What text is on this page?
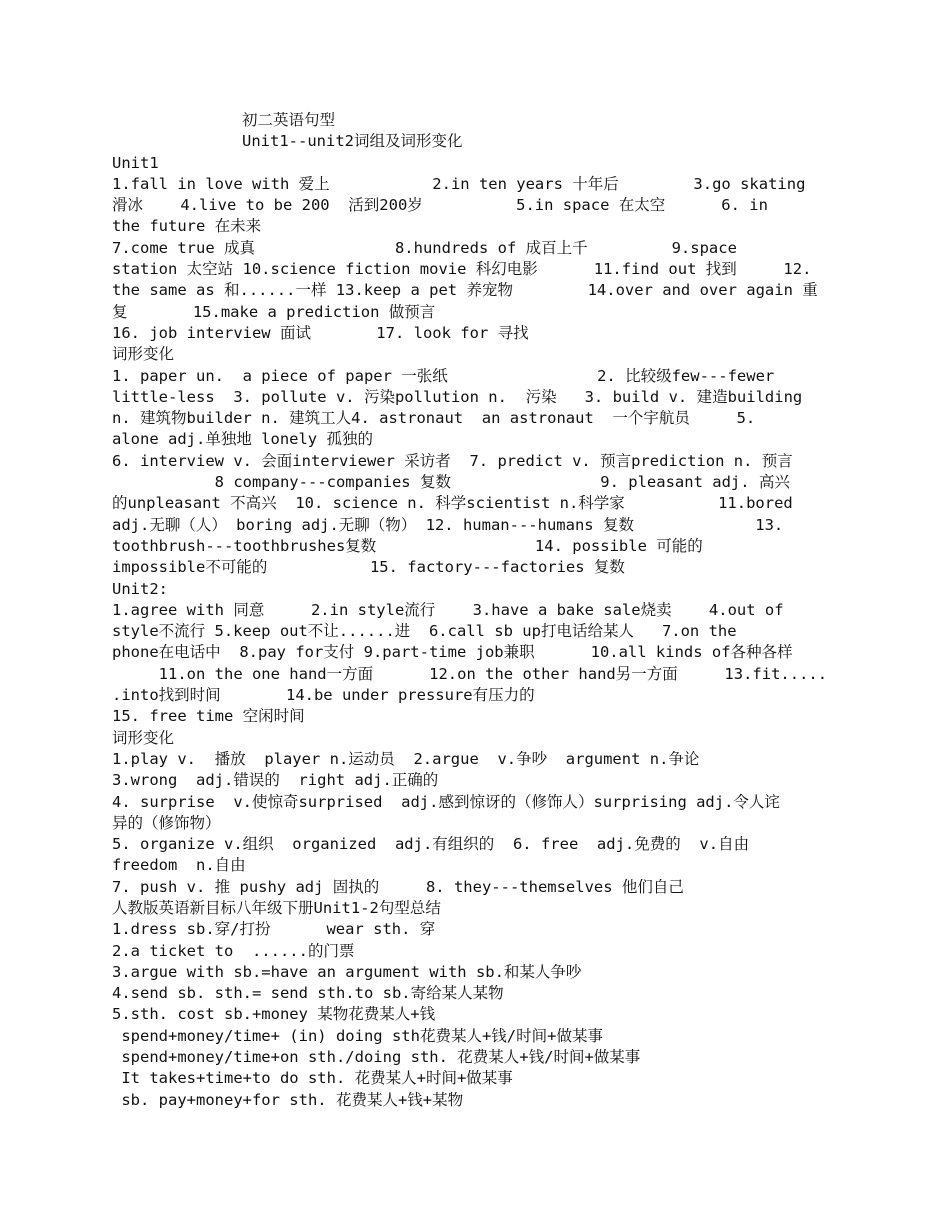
初二英语句型
Unit1--unit2词组及词形变化
Unit1
1.fall in love with 爱上           2.in ten years 十年后        3.go skating
滑冰    4.live to be 200  活到200岁          5.in space 在太空      6. in
the future 在未来
7.come true 成真               8.hundreds of 成百上千         9.space
station 太空站 10.science fiction movie 科幻电影      11.find out 找到     12.
the same as 和......一样 13.keep a pet 养宠物        14.over and over again 重
复       15.make a prediction 做预言
16. job interview 面试       17. look for 寻找
词形变化
1. paper un.  a piece of paper 一张纸                2. 比较级few---fewer
little-less  3. pollute v. 污染pollution n.  污染   3. build v. 建造building
n. 建筑物builder n. 建筑工人4. astronaut  an astronaut  一个宇航员     5.
alone adj.单独地 lonely 孤独的
6. interview v. 会面interviewer 采访者  7. predict v. 预言prediction n. 预言
8 company---companies 复数                9. pleasant adj. 高兴
的unpleasant 不高兴  10. science n. 科学scientist n.科学家          11.bored
adj.无聊（人） boring adj.无聊（物） 12. human---humans 复数             13.
toothbrush---toothbrushes复数                 14. possible 可能的
impossible不可能的           15. factory---factories 复数
Unit2:
1.agree with 同意     2.in style流行    3.have a bake sale烧卖    4.out of
style不流行 5.keep out不让......进  6.call sb up打电话给某人   7.on the
phone在电话中  8.pay for支付 9.part-time job兼职      10.all kinds of各种各样
11.on the one hand一方面      12.on the other hand另一方面     13.fit.....
.into找到时间       14.be under pressure有压力的
15. free time 空闲时间
词形变化
1.play v.  播放  player n.运动员  2.argue  v.争吵  argument n.争论
3.wrong  adj.错误的  right adj.正确的
4. surprise  v.使惊奇surprised  adj.感到惊讶的（修饰人）surprising adj.令人诧
异的（修饰物）
5. organize v.组织  organized  adj.有组织的  6. free  adj.免费的  v.自由
freedom  n.自由
7. push v. 推 pushy adj 固执的     8. they---themselves 他们自己
人教版英语新目标八年级下册Unit1-2句型总结
1.dress sb.穿/打扮      wear sth. 穿
2.a ticket to  ......的门票
3.argue with sb.=have an argument with sb.和某人争吵
4.send sb. sth.= send sth.to sb.寄给某人某物
5.sth. cost sb.+money 某物花费某人+钱
spend+money/time+ (in) doing sth花费某人+钱/时间+做某事
spend+money/time+on sth./doing sth. 花费某人+钱/时间+做某事
It takes+time+to do sth. 花费某人+时间+做某事
sb. pay+money+for sth. 花费某人+钱+某物
